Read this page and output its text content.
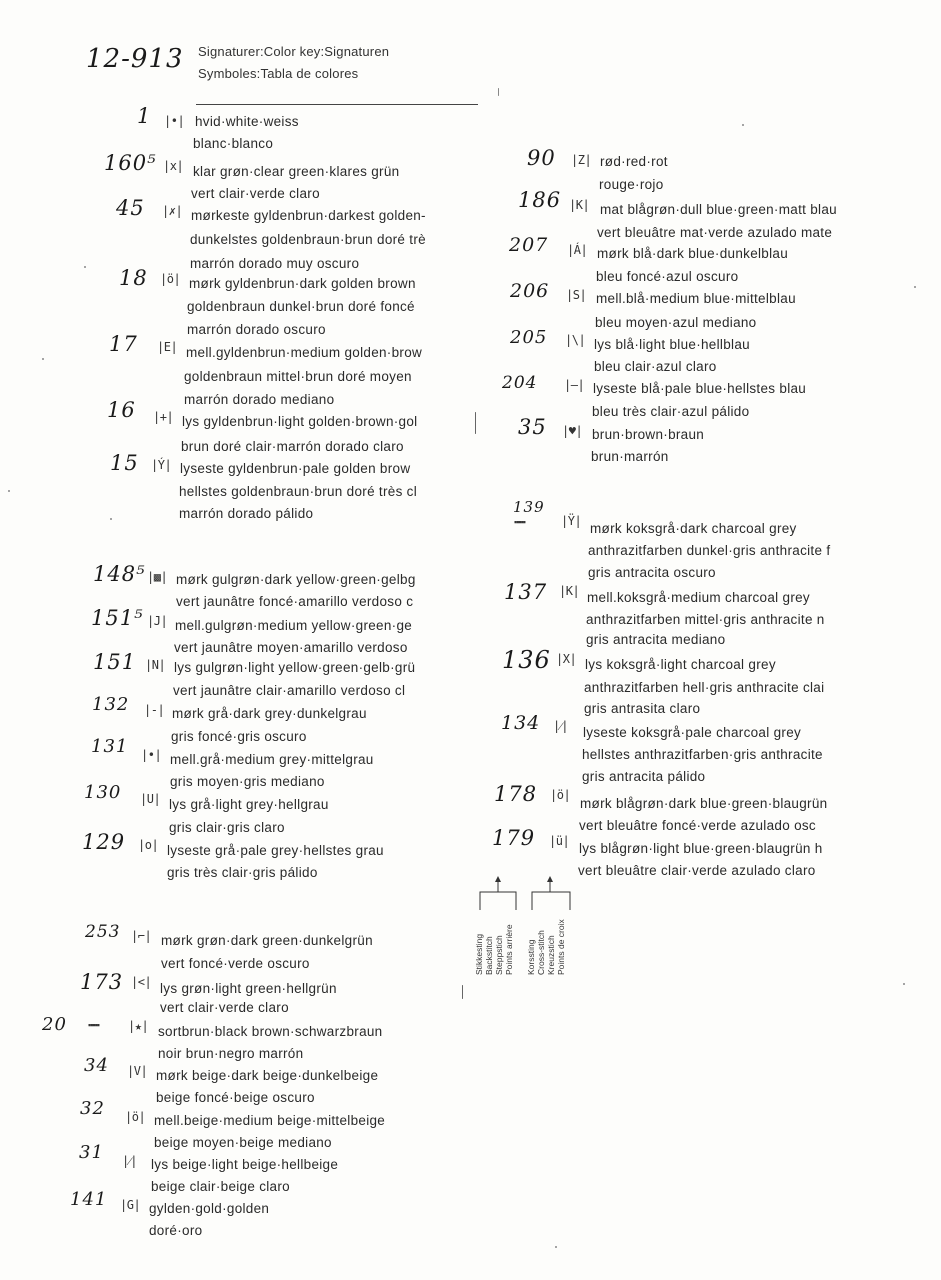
12-913 Signaturer:Color key:Signaturen
Symboles:Tabla de colores
1 |•| hvid·white·weiss
blanc·blanco
160⁵ |x| klar grøn·clear green·klares grün
vert clair·verde claro
45 |✗| mørkeste gyldenbrun·darkest golden-
dunkelstes goldenbraun·brun doré trè
marrón dorado muy oscuro
18 |ö| mørk gyldenbrun·dark golden brown
goldenbraun dunkel·brun doré foncé
marrón dorado oscuro
17 |Ε| mell.gyldenbrun·medium golden·brow
goldenbraun mittel·brun doré moyen
marrón dorado mediano
16 |+| lys gyldenbrun·light golden·brown·gol
brun doré clair·marrón dorado claro
15 |Ý| lyseste gyldenbrun·pale golden brow
hellstes goldenbraun·brun doré très cl
marrón dorado pálido
148⁵ |▩| mørk gulgrøn·dark yellow·green·gelbg
vert jaunâtre foncé·amarillo verdoso c
151⁵ |J| mell.gulgrøn·medium yellow·green·ge
vert jaunâtre moyen·amarillo verdoso
151 |N| lys gulgrøn·light yellow·green·gelb·grü
vert jaunâtre clair·amarillo verdoso cl
132 |-| mørk grå·dark grey·dunkelgrau
gris foncé·gris oscuro
131 |•| mell.grå·medium grey·mittelgrau
gris moyen·gris mediano
130 |U| lys grå·light grey·hellgrau
gris clair·gris claro
129 |o| lyseste grå·pale grey·hellstes grau
gris très clair·gris pálido
253 |⌐| mørk grøn·dark green·dunkelgrün
vert foncé·verde oscuro
173 |<| lys grøn·light green·hellgrün
vert clair·verde claro
20 ▪▪▪▪▪ |★| sortbrun·black brown·schwarzbraun
noir brun·negro marrón
34 |V| mørk beige·dark beige·dunkelbeige
beige foncé·beige oscuro
32 |ö| mell.beige·medium beige·mittelbeige
beige moyen·beige mediano
31 |⁄| lys beige·light beige·hellbeige
beige clair·beige claro
141 |G| gylden·gold·golden
doré·oro
90 |Z| rød·red·rot
rouge·rojo
186 |K| mat blågrøn·dull blue·green·matt blau
vert bleuâtre mat·verde azulado mate
207 |Á| mørk blå·dark blue·dunkelblau
bleu foncé·azul oscuro
206 |S| mell.blå·medium blue·mittelblau
bleu moyen·azul mediano
205 |\| lys blå·light blue·hellblau
bleu clair·azul claro
204 |–| lyseste blå·pale blue·hellstes blau
bleu très clair·azul pálido
35 |♥| brun·brown·braun
brun·marrón
139
▪▪▪▪▪	|Ÿ| mørk koksgrå·dark charcoal grey
anthrazitfarben dunkel·gris anthracite f
gris antracita oscuro
137 |K| mell.koksgrå·medium charcoal grey
anthrazitfarben mittel·gris anthracite n
gris antracita mediano
136 |X| lys koksgrå·light charcoal grey
anthrazitfarben hell·gris anthracite clai
gris antrasita claro
134 |⁄| lyseste koksgrå·pale charcoal grey
hellstes anthrazitfarben·gris anthracite
gris antracita pálido
178 |ö|
mørk blågrøn·dark blue·green·blaugrün
vert bleuâtre foncé·verde azulado osc
179 |ü| lys blågrøn·light blue·green·blaugrün h
vert bleuâtre clair·verde azulado claro
Stikkesting Backstitch Steppstich Points arrière Korssting Cross-stitch Kreuzstich Points de croix
